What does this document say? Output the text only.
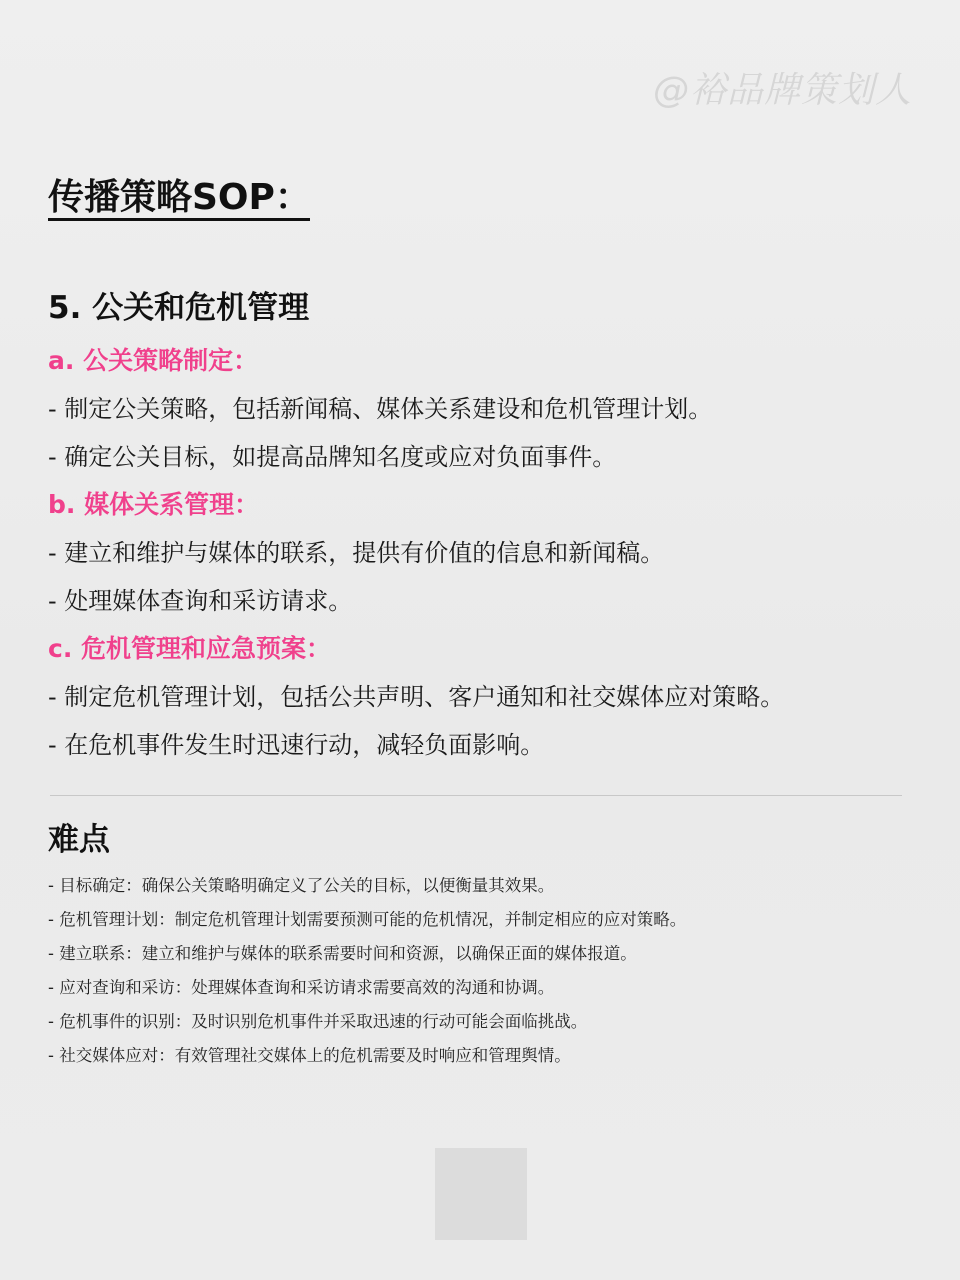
@裕品牌策划人
传播策略SOP：
5. 公关和危机管理
a. 公关策略制定：
- 制定公关策略，包括新闻稿、媒体关系建设和危机管理计划。
- 确定公关目标，如提高品牌知名度或应对负面事件。
b. 媒体关系管理：
- 建立和维护与媒体的联系，提供有价值的信息和新闻稿。
- 处理媒体查询和采访请求。
c. 危机管理和应急预案：
- 制定危机管理计划，包括公共声明、客户通知和社交媒体应对策略。
- 在危机事件发生时迅速行动，减轻负面影响。
难点
- 目标确定：确保公关策略明确定义了公关的目标，以便衡量其效果。
- 危机管理计划：制定危机管理计划需要预测可能的危机情况，并制定相应的应对策略。
- 建立联系：建立和维护与媒体的联系需要时间和资源，以确保正面的媒体报道。
- 应对查询和采访：处理媒体查询和采访请求需要高效的沟通和协调。
- 危机事件的识别：及时识别危机事件并采取迅速的行动可能会面临挑战。
- 社交媒体应对：有效管理社交媒体上的危机需要及时响应和管理舆情。
